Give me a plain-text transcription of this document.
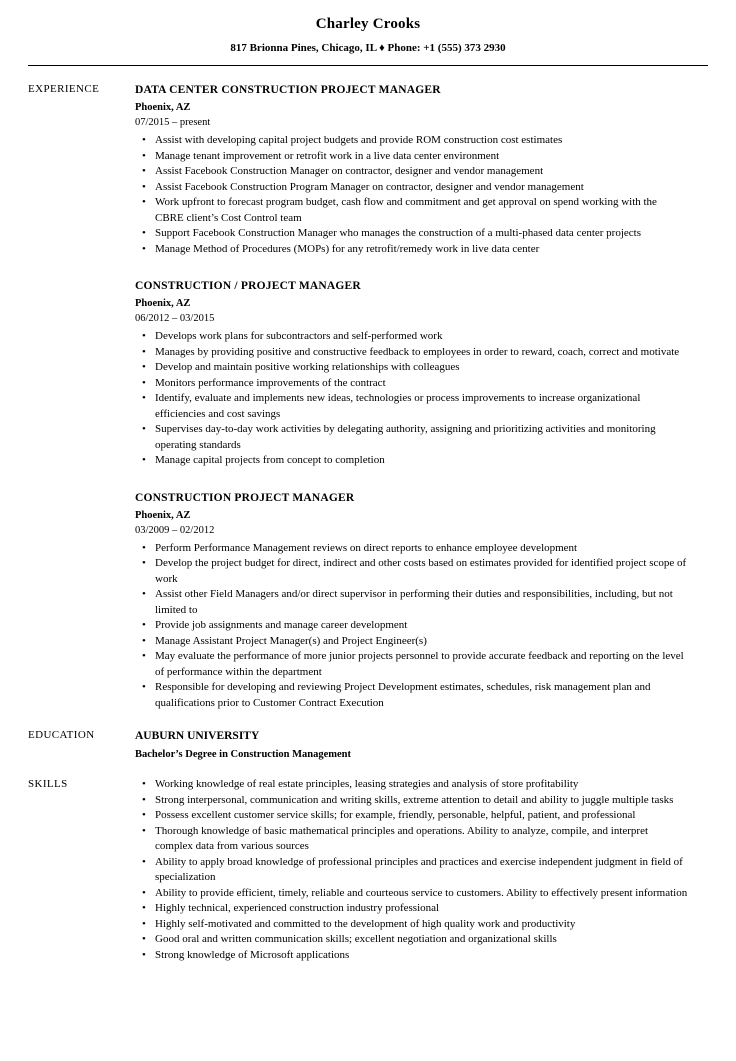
Charley Crooks
817 Brionna Pines, Chicago, IL ♦ Phone: +1 (555) 373 2930
EXPERIENCE	DATA CENTER CONSTRUCTION PROJECT MANAGER
Phoenix, AZ
07/2015 – present
• Assist with developing capital project budgets and provide ROM construction cost estimates
• Manage tenant improvement or retrofit work in a live data center environment
• Assist Facebook Construction Manager on contractor, designer and vendor management
• Assist Facebook Construction Program Manager on contractor, designer and vendor management
• Work upfront to forecast program budget, cash flow and commitment and get approval on spend working with the CBRE client’s Cost Control team
• Support Facebook Construction Manager who manages the construction of a multi-phased data center projects
• Manage Method of Procedures (MOPs) for any retrofit/remedy work in live data center
CONSTRUCTION / PROJECT MANAGER
Phoenix, AZ
06/2012 – 03/2015
• Develops work plans for subcontractors and self-performed work
• Manages by providing positive and constructive feedback to employees in order to reward, coach, correct and motivate
• Develop and maintain positive working relationships with colleagues
• Monitors performance improvements of the contract
• Identify, evaluate and implements new ideas, technologies or process improvements to increase organizational efficiencies and cost savings
• Supervises day-to-day work activities by delegating authority, assigning and prioritizing activities and monitoring operating standards
• Manage capital projects from concept to completion
CONSTRUCTION PROJECT MANAGER
Phoenix, AZ
03/2009 – 02/2012
• Perform Performance Management reviews on direct reports to enhance employee development
• Develop the project budget for direct, indirect and other costs based on estimates provided for identified project scope of work
• Assist other Field Managers and/or direct supervisor in performing their duties and responsibilities, including, but not limited to
• Provide job assignments and manage career development
• Manage Assistant Project Manager(s) and Project Engineer(s)
• May evaluate the performance of more junior projects personnel to provide accurate feedback and reporting on the level of performance within the department
• Responsible for developing and reviewing Project Development estimates, schedules, risk management plan and qualifications prior to Customer Contract Execution
EDUCATION	AUBURN UNIVERSITY
Bachelor’s Degree in Construction Management
SKILLS	• Working knowledge of real estate principles, leasing strategies and analysis of store profitability
• Strong interpersonal, communication and writing skills, extreme attention to detail and ability to juggle multiple tasks
• Possess excellent customer service skills; for example, friendly, personable, helpful, patient, and professional
• Thorough knowledge of basic mathematical principles and operations. Ability to analyze, compile, and interpret complex data from various sources
• Ability to apply broad knowledge of professional principles and practices and exercise independent judgment in field of specialization
• Ability to provide efficient, timely, reliable and courteous service to customers. Ability to effectively present information
• Highly technical, experienced construction industry professional
• Highly self-motivated and committed to the development of high quality work and productivity
• Good oral and written communication skills; excellent negotiation and organizational skills
• Strong knowledge of Microsoft applications
